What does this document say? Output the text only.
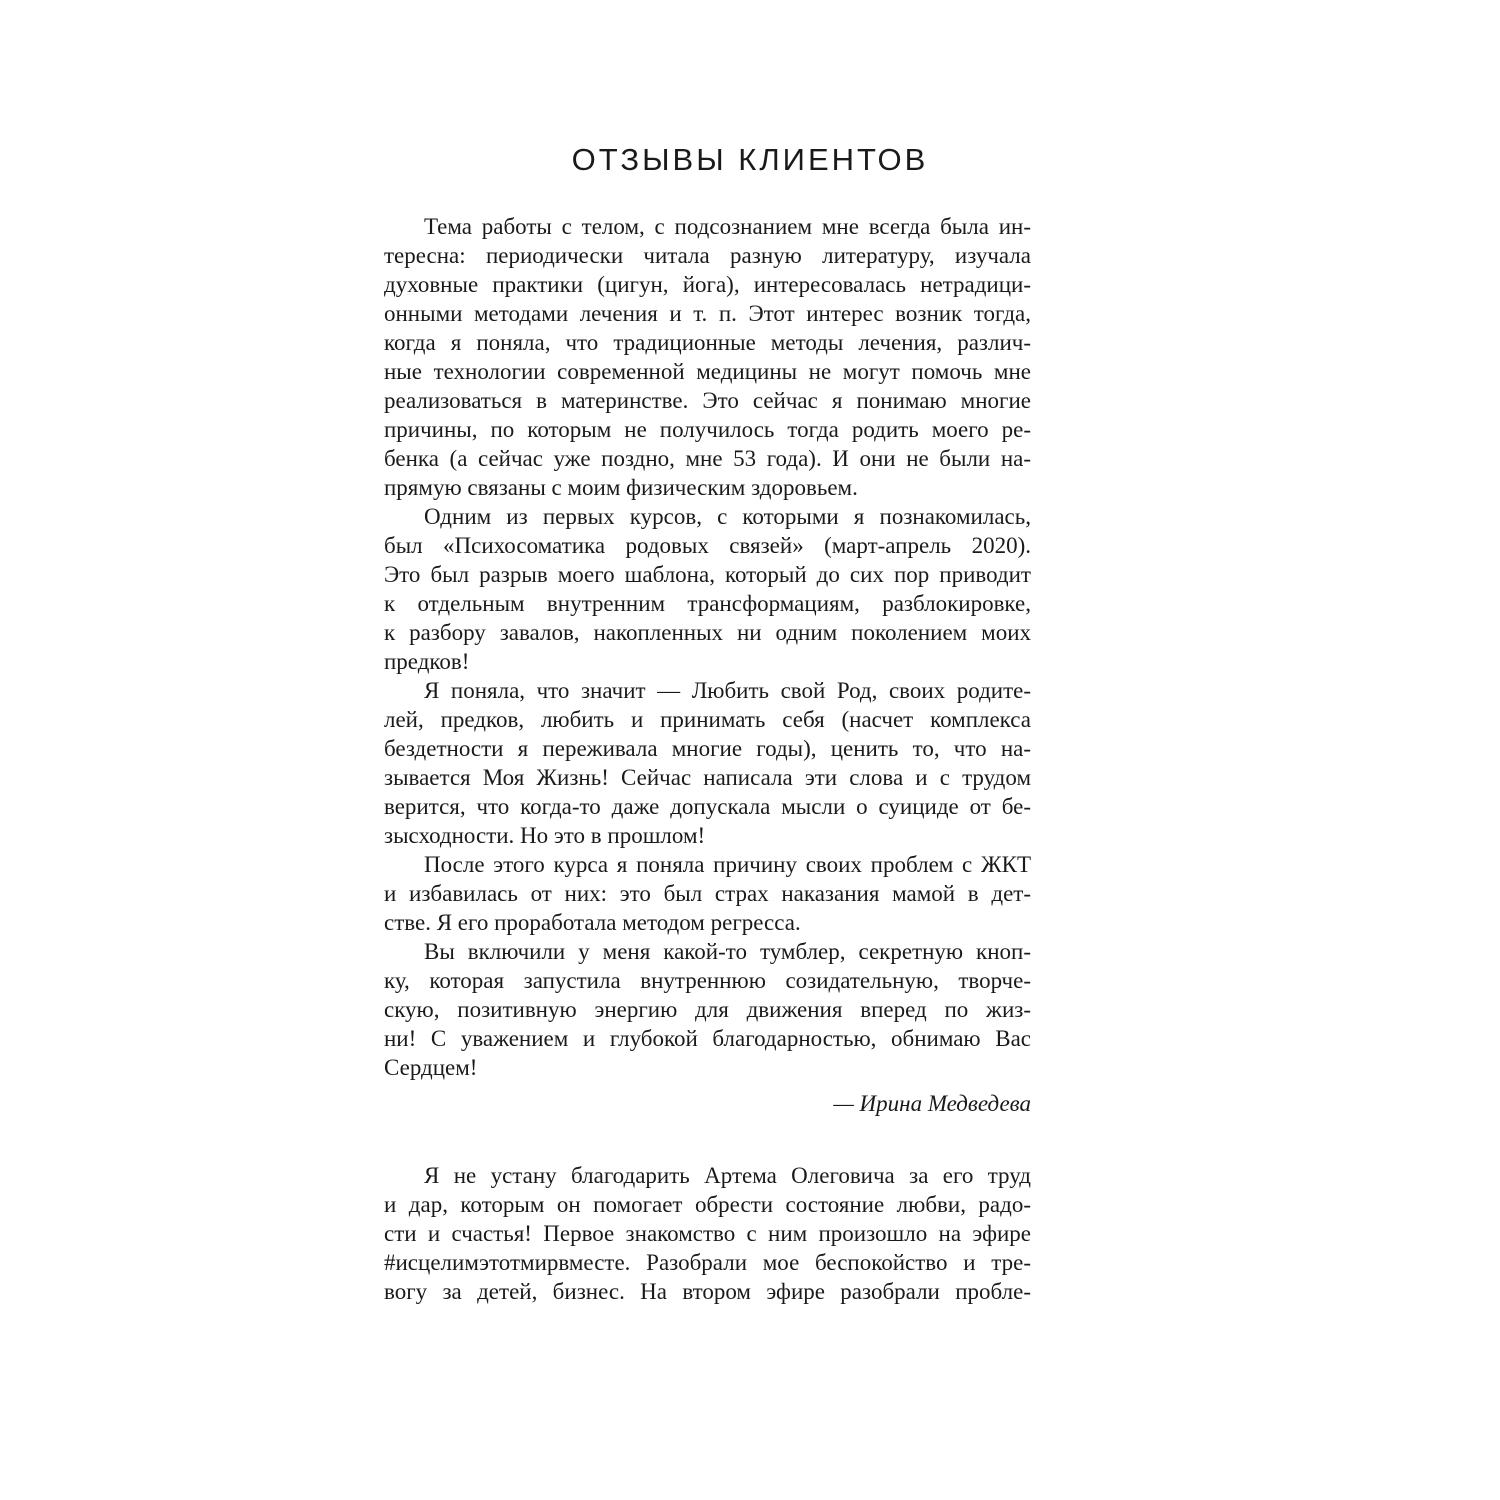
ОТЗЫВЫ КЛИЕНТОВ
Тема работы с телом, с подсознанием мне всегда была ин-
тересна: периодически читала разную литературу, изучала
духовные практики (цигун, йога), интересовалась нетрадици-
онными методами лечения и т. п. Этот интерес возник тогда,
когда я поняла, что традиционные методы лечения, различ-
ные технологии современной медицины не могут помочь мне
реализоваться в материнстве. Это сейчас я понимаю многие
причины, по которым не получилось тогда родить моего ре-
бенка (а сейчас уже поздно, мне 53 года). И они не были на-
прямую связаны с моим физическим здоровьем.
Одним из первых курсов, с которыми я познакомилась,
был «Психосоматика родовых связей» (март-апрель 2020).
Это был разрыв моего шаблона, который до сих пор приводит
к отдельным внутренним трансформациям, разблокировке,
к разбору завалов, накопленных ни одним поколением моих
предков!
Я поняла, что значит — Любить свой Род, своих родите-
лей, предков, любить и принимать себя (насчет комплекса
бездетности я переживала многие годы), ценить то, что на-
зывается Моя Жизнь! Сейчас написала эти слова и с трудом
верится, что когда-то даже допускала мысли о суициде от бе-
зысходности. Но это в прошлом!
После этого курса я поняла причину своих проблем с ЖКТ
и избавилась от них: это был страх наказания мамой в дет-
стве. Я его проработала методом регресса.
Вы включили у меня какой-то тумблер, секретную кноп-
ку, которая запустила внутреннюю созидательную, творче-
скую, позитивную энергию для движения вперед по жиз-
ни! С уважением и глубокой благодарностью, обнимаю Вас
Сердцем!
— Ирина Медведева
Я не устану благодарить Артема Олеговича за его труд
и дар, которым он помогает обрести состояние любви, радо-
сти и счастья! Первое знакомство с ним произошло на эфире
#исцелимэтотмирвместе. Разобрали мое беспокойство и тре-
вогу за детей, бизнес. На втором эфире разобрали пробле-
